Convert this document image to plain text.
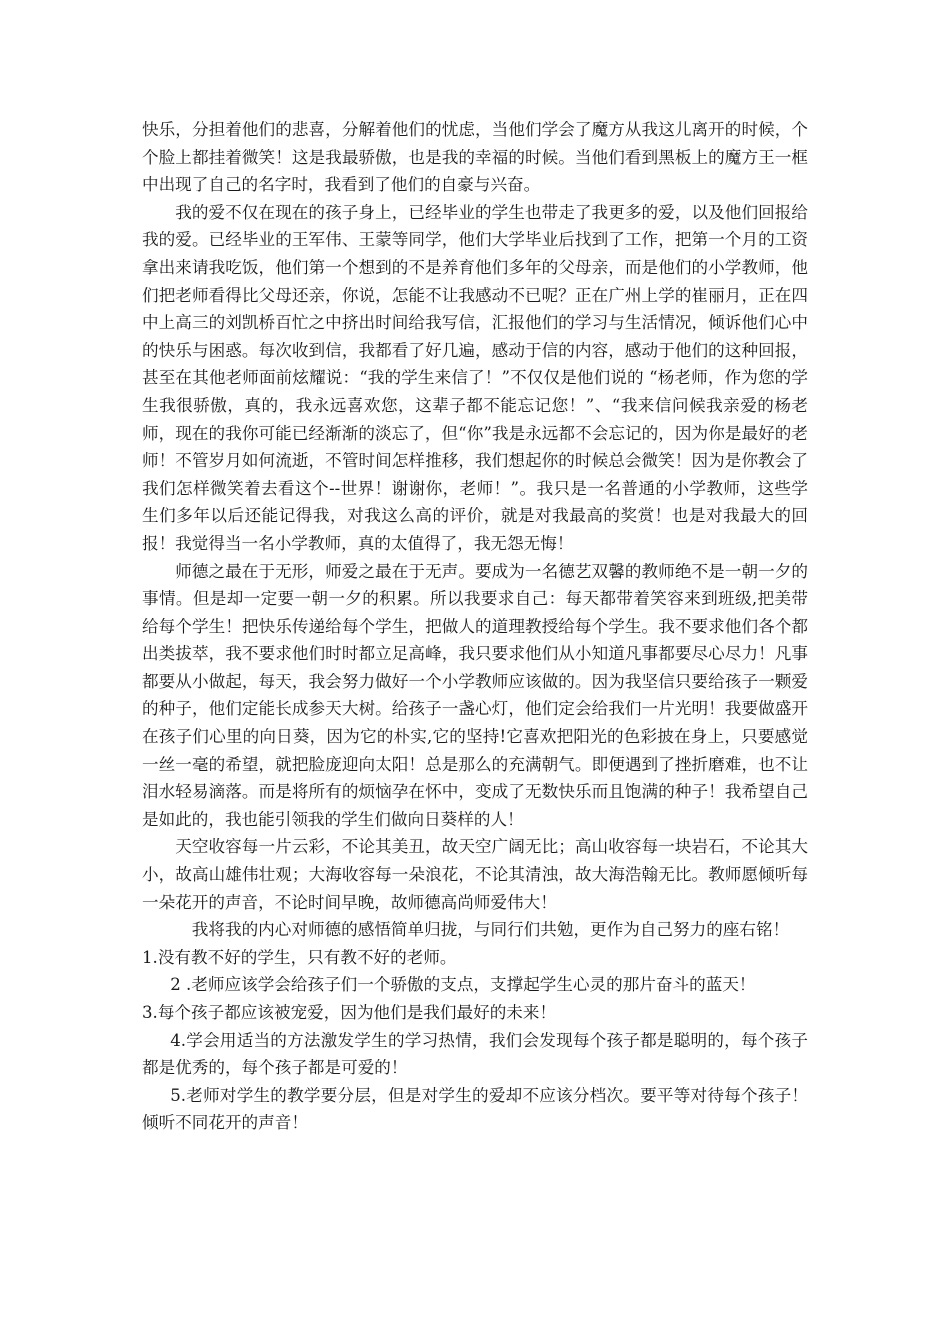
快乐，分担着他们的悲喜，分解着他们的忧虑，当他们学会了魔方从我这儿离开的时候，个个脸上都挂着微笑！这是我最骄傲，也是我的幸福的时候。当他们看到黑板上的魔方王一框中出现了自己的名字时，我看到了他们的自豪与兴奋。

我的爱不仅在现在的孩子身上，已经毕业的学生也带走了我更多的爱，以及他们回报给我的爱。已经毕业的王军伟、王蒙等同学，他们大学毕业后找到了工作，把第一个月的工资拿出来请我吃饭，他们第一个想到的不是养育他们多年的父母亲，而是他们的小学教师，他们把老师看得比父母还亲，你说，怎能不让我感动不已呢？正在广州上学的崔丽月，正在四中上高三的刘凯桥百忙之中挤出时间给我写信，汇报他们的学习与生活情况，倾诉他们心中的快乐与困惑。每次收到信，我都看了好几遍，感动于信的内容，感动于他们的这种回报，甚至在其他老师面前炫耀说：“我的学生来信了！”不仅仅是他们说的 “杨老师，作为您的学生我很骄傲，真的，我永远喜欢您，这辈子都不能忘记您！”、“我来信问候我亲爱的杨老师，现在的我你可能已经渐渐的淡忘了，但“你”我是永远都不会忘记的，因为你是最好的老师！不管岁月如何流逝，不管时间怎样推移，我们想起你的时候总会微笑！因为是你教会了我们怎样微笑着去看这个--世界！谢谢你，老师！”。我只是一名普通的小学教师，这些学生们多年以后还能记得我，对我这么高的评价，就是对我最高的奖赏！也是对我最大的回报！我觉得当一名小学教师，真的太值得了，我无怨无悔！

师德之最在于无形，师爱之最在于无声。要成为一名德艺双馨的教师绝不是一朝一夕的事情。但是却一定要一朝一夕的积累。所以我要求自己：每天都带着笑容来到班级,把美带给每个学生！把快乐传递给每个学生，把做人的道理教授给每个学生。我不要求他们各个都出类拔萃，我不要求他们时时都立足高峰，我只要求他们从小知道凡事都要尽心尽力！凡事都要从小做起，每天，我会努力做好一个小学教师应该做的。因为我坚信只要给孩子一颗爱的种子，他们定能长成参天大树。给孩子一盏心灯，他们定会给我们一片光明！我要做盛开在孩子们心里的向日葵，因为它的朴实,它的坚持!它喜欢把阳光的色彩披在身上，只要感觉一丝一毫的希望，就把脸庞迎向太阳！总是那么的充满朝气。即便遇到了挫折磨难，也不让泪水轻易滴落。而是将所有的烦恼孕在怀中，变成了无数快乐而且饱满的种子！我希望自己是如此的，我也能引领我的学生们做向日葵样的人！

天空收容每一片云彩，不论其美丑，故天空广阔无比；高山收容每一块岩石，不论其大小，故高山雄伟壮观；大海收容每一朵浪花，不论其清浊，故大海浩翰无比。教师愿倾听每一朵花开的声音，不论时间早晚，故师德高尚师爱伟大！

我将我的内心对师德的感悟简单归拢，与同行们共勉，更作为自己努力的座右铭！

1.没有教不好的学生，只有教不好的老师。

2 .老师应该学会给孩子们一个骄傲的支点，支撑起学生心灵的那片奋斗的蓝天！

3.每个孩子都应该被宠爱，因为他们是我们最好的未来！

4.学会用适当的方法激发学生的学习热情，我们会发现每个孩子都是聪明的，每个孩子都是优秀的，每个孩子都是可爱的！

5.老师对学生的教学要分层，但是对学生的爱却不应该分档次。要平等对待每个孩子！倾听不同花开的声音！
